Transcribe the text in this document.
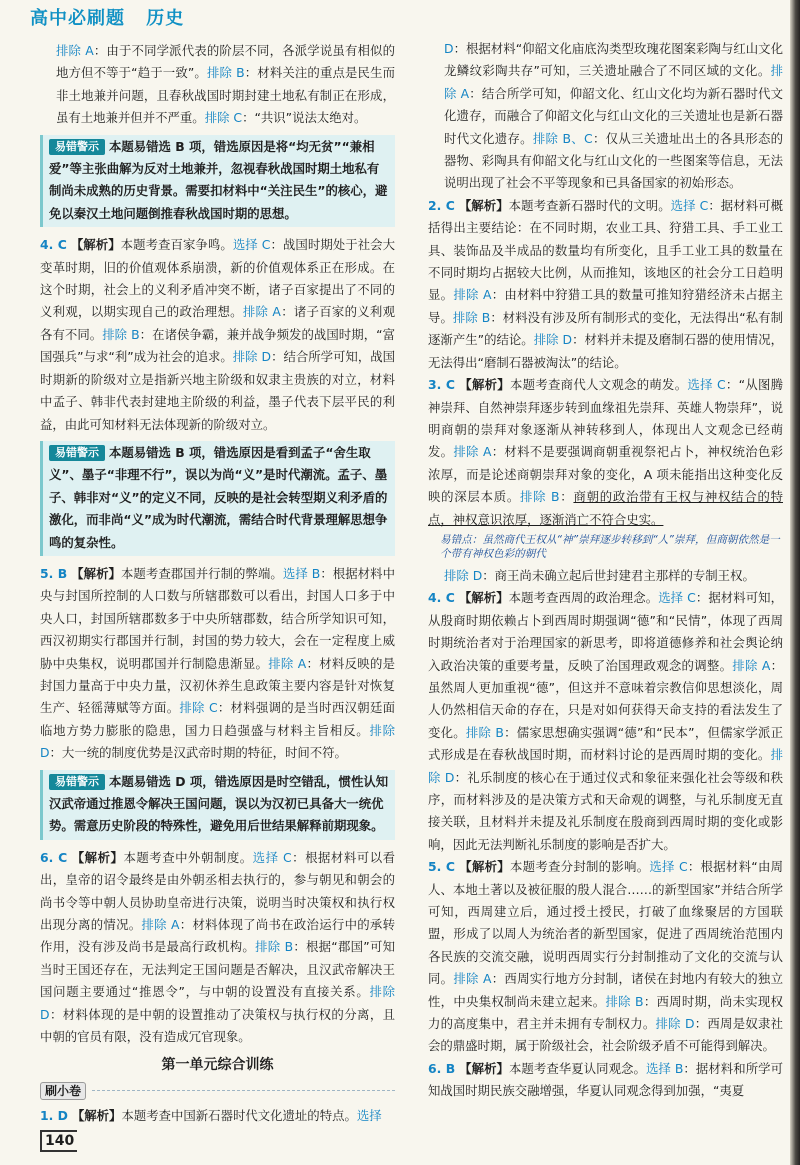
高中必刷题 历史

排除 A：由于不同学派代表的阶层不同，各派学说虽有相似的地方但不等于“趋于一致”。排除 B：材料关注的重点是民生而非土地兼并问题，且春秋战国时期封建土地私有制正在形成，虽有土地兼并但并不严重。排除 C：“共识”说法太绝对。

易错警示 本题易错选 B 项，错选原因是将“均无贫”“兼相爱”等主张曲解为反对土地兼并，忽视春秋战国时期土地私有制尚未成熟的历史背景。需要扣材料中“关注民生”的核心，避免以秦汉土地问题倒推春秋战国时期的思想。

4. C 【解析】本题考查百家争鸣。选择 C：战国时期处于社会大变革时期，旧的价值观体系崩溃，新的价值观体系正在形成。在这个时期，社会上的义利矛盾冲突不断，诸子百家提出了不同的义利观，以期实现自己的政治理想。排除 A：诸子百家的义利观各有不同。排除 B：在诸侯争霸，兼并战争频发的战国时期，“富国强兵”与求“利”成为社会的追求。排除 D：结合所学可知，战国时期新的阶级对立是指新兴地主阶级和奴隶主贵族的对立，材料中孟子、韩非代表封建地主阶级的利益，墨子代表下层平民的利益，由此可知材料无法体现新的阶级对立。

易错警示 本题易错选 B 项，错选原因是看到孟子“舍生取义”、墨子“非理不行”，误以为尚“义”是时代潮流。孟子、墨子、韩非对“义”的定义不同，反映的是社会转型期义利矛盾的激化，而非尚“义”成为时代潮流，需结合时代背景理解思想争鸣的复杂性。

5. B 【解析】本题考查郡国并行制的弊端。选择 B：根据材料中央与封国所控制的人口数与所辖郡数可以看出，封国人口多于中央人口，封国所辖郡数多于中央所辖郡数，结合所学知识可知，西汉初期实行郡国并行制，封国的势力较大，会在一定程度上威胁中央集权，说明郡国并行制隐患渐显。排除 A：材料反映的是封国力量高于中央力量，汉初休养生息政策主要内容是针对恢复生产、轻徭薄赋等方面。排除 C：材料强调的是当时西汉朝廷面临地方势力膨胀的隐患，国力日趋强盛与材料主旨相反。排除 D：大一统的制度优势是汉武帝时期的特征，时间不符。

易错警示 本题易错选 D 项，错选原因是时空错乱，惯性认知汉武帝通过推恩令解决王国问题，误以为汉初已具备大一统优势。需意历史阶段的特殊性，避免用后世结果解释前期现象。

6. C 【解析】本题考查中外朝制度。选择 C：根据材料可以看出，皇帝的诏令最终是由外朝丞相去执行的，参与朝见和朝会的尚书令等中朝人员协助皇帝进行决策，说明当时决策权和执行权出现分离的情况。排除 A：材料体现了尚书在政治运行中的承转作用，没有涉及尚书是最高行政机构。排除 B：根据“郡国”可知当时王国还存在，无法判定王国问题是否解决，且汉武帝解决王国问题主要通过“推恩令”，与中朝的设置没有直接关系。排除 D：材料体现的是中朝的设置推动了决策权与执行权的分离，且中朝的官员有限，没有造成冗官现象。

第一单元综合训练
刷小卷

1. D 【解析】本题考查中国新石器时代文化遗址的特点。选择

D：根据材料“仰韶文化庙底沟类型玫瑰花图案彩陶与红山文化龙鳞纹彩陶共存”可知，三关遗址融合了不同区域的文化。排除 A：结合所学可知，仰韶文化、红山文化均为新石器时代文化遗存，而融合了仰韶文化与红山文化的三关遗址也是新石器时代文化遗存。排除 B、C：仅从三关遗址出土的各具形态的器物、彩陶具有仰韶文化与红山文化的一些图案等信息，无法说明出现了社会不平等现象和已具备国家的初始形态。

2. C 【解析】本题考查新石器时代的文明。选择 C：据材料可概括得出主要结论：在不同时期，农业工具、狩猎工具、手工业工具、装饰品及半成品的数量均有所变化，且手工业工具的数量在不同时期均占据较大比例，从而推知，该地区的社会分工日趋明显。排除 A：由材料中狩猎工具的数量可推知狩猎经济未占据主导。排除 B：材料没有涉及所有制形式的变化，无法得出“私有制逐渐产生”的结论。排除 D：材料并未提及磨制石器的使用情况，无法得出“磨制石器被淘汰”的结论。

3. C 【解析】本题考查商代人文观念的萌发。选择 C：“从图腾神崇拜、自然神崇拜逐步转到血缘祖先崇拜、英雄人物崇拜”，说明商朝的崇拜对象逐渐从神转移到人，体现出人文观念已经萌发。排除 A：材料不是要强调商朝重视祭祀占卜，神权统治色彩浓厚，而是论述商朝崇拜对象的变化，A 项未能指出这种变化反映的深层本质。排除 B：商朝的政治带有王权与神权结合的特点，神权意识浓厚，逐渐消亡不符合史实。

易错点：虽然商代王权从“神”崇拜逐步转移到“人”崇拜，但商朝依然是一个带有神权色彩的朝代

排除 D：商王尚未确立起后世封建君主那样的专制王权。

4. C 【解析】本题考查西周的政治理念。选择 C：据材料可知，从殷商时期依赖占卜到西周时期强调“德”和“民情”，体现了西周时期统治者对于治理国家的新思考，即将道德修养和社会舆论纳入政治决策的重要考量，反映了治国理政观念的调整。排除 A：虽然周人更加重视“德”，但这并不意味着宗教信仰思想淡化，周人仍然相信天命的存在，只是对如何获得天命支持的看法发生了变化。排除 B：儒家思想确实强调“德”和“民本”，但儒家学派正式形成是在春秋战国时期，而材料讨论的是西周时期的变化。排除 D：礼乐制度的核心在于通过仪式和象征来强化社会等级和秩序，而材料涉及的是决策方式和天命观的调整，与礼乐制度无直接关联，且材料并未提及礼乐制度在殷商到西周时期的变化或影响，因此无法判断礼乐制度的影响是否扩大。

5. C 【解析】本题考查分封制的影响。选择 C：根据材料“由周人、本地土著以及被征服的殷人混合……的新型国家”并结合所学可知，西周建立后，通过授土授民，打破了血缘聚居的方国联盟，形成了以周人为统治者的新型国家，促进了西周统治范围内各民族的交流交融，说明西周实行分封制推动了文化的交流与认同。排除 A：西周实行地方分封制，诸侯在封地内有较大的独立性，中央集权制尚未建立起来。排除 B：西周时期，尚未实现权力的高度集中，君主并未拥有专制权力。排除 D：西周是奴隶社会的鼎盛时期，属于阶级社会，社会阶级矛盾不可能得到解决。

6. B 【解析】本题考查华夏认同观念。选择 B：据材料和所学可知战国时期民族交融增强，华夏认同观念得到加强，“夷夏

140
